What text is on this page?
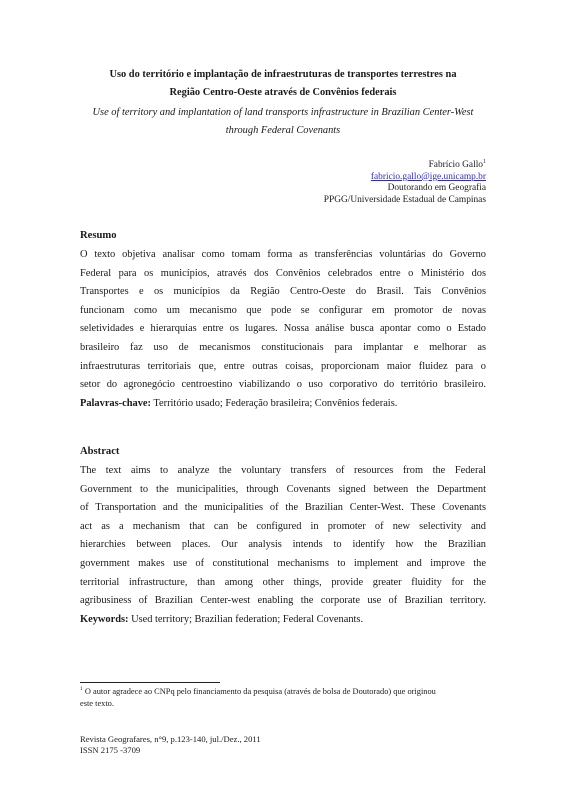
Uso do território e implantação de infraestruturas de transportes terrestres na
Região Centro-Oeste através de Convênios federais
Use of territory and implantation of land transports infrastructure in Brazilian Center-West
through Federal Covenants
Fabrício Gallo$^1$
fabricio.gallo@ige.unicamp.br
Doutorando em Geografia
PPGG/Universidade Estadual de Campinas
Resumo
O texto objetiva analisar como tomam forma as transferências voluntárias do Governo
Federal para os municípios, através dos Convênios celebrados entre o Ministério dos
Transportes e os municípios da Região Centro-Oeste do Brasil. Tais Convênios
funcionam como um mecanismo que pode se configurar em promotor de novas
seletividades e hierarquias entre os lugares. Nossa análise busca apontar como o Estado
brasileiro faz uso de mecanismos constitucionais para implantar e melhorar as
infraestruturas territoriais que, entre outras coisas, proporcionam maior fluidez para o
setor do agronegócio centroestino viabilizando o uso corporativo do território brasileiro.
Palavras-chave: Território usado; Federação brasileira; Convênios federais.
Abstract
The text aims to analyze the voluntary transfers of resources from the Federal
Government to the municipalities, through Covenants signed between the Department
of Transportation and the municipalities of the Brazilian Center-West. These Covenants
act as a mechanism that can be configured in promoter of new selectivity and
hierarchies between places. Our analysis intends to identify how the Brazilian
government makes use of constitutional mechanisms to implement and improve the
territorial infrastructure, than among other things, provide greater fluidity for the
agribusiness of Brazilian Center-west enabling the corporate use of Brazilian territory.
Keywords: Used territory; Brazilian federation; Federal Covenants.
$^1$ O autor agradece ao CNPq pelo financiamento da pesquisa (através de bolsa de Doutorado) que originou
este texto.
Revista Geografares, n°9, p.123-140, jul./Dez., 2011
ISSN 2175 -3709
